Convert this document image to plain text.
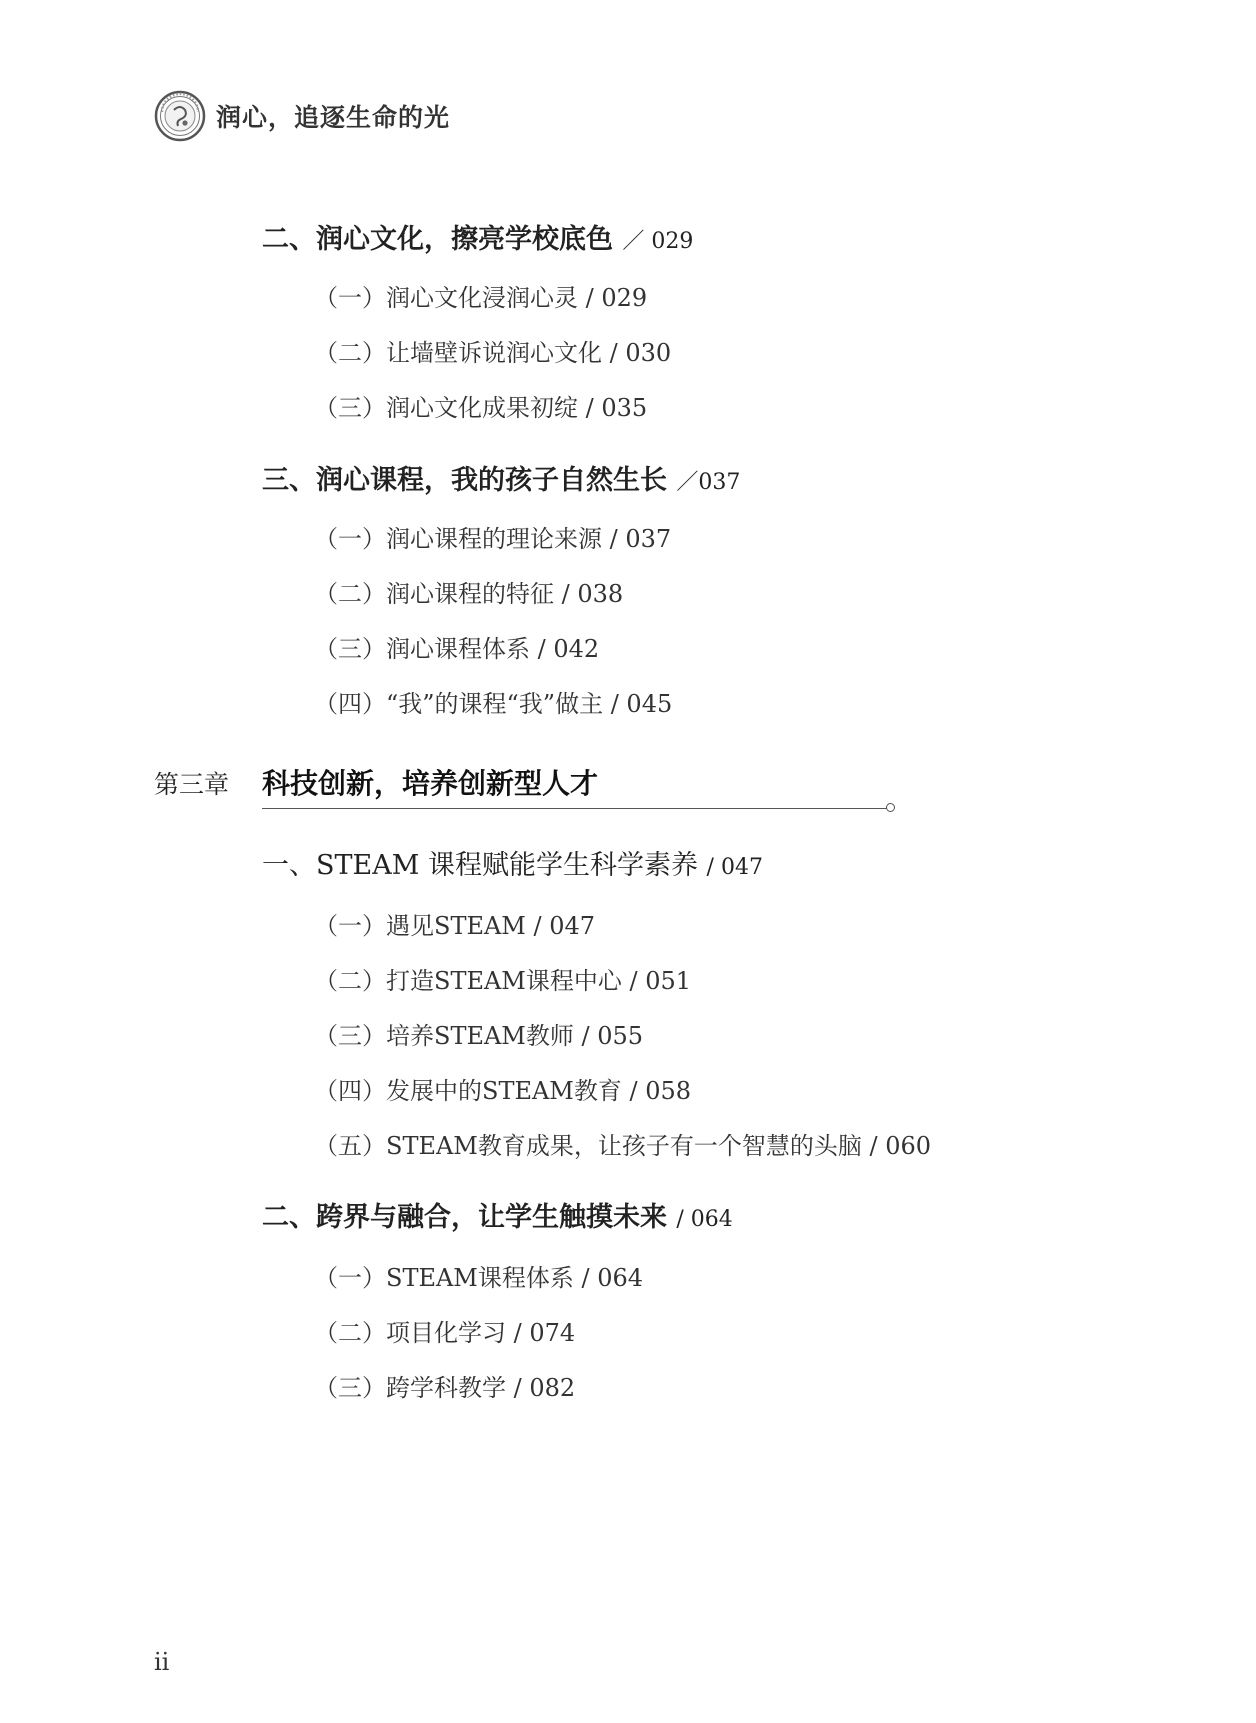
润心，追逐生命的光
二、润心文化，擦亮学校底色 ／ 029
（一）润心文化浸润心灵 / 029
（二）让墙壁诉说润心文化 / 030
（三）润心文化成果初绽 / 035
三、润心课程，我的孩子自然生长 ／037
（一）润心课程的理论来源 / 037
（二）润心课程的特征 / 038
（三）润心课程体系 / 042
（四）“我”的课程“我”做主 / 045
第三章 科技创新，培养创新型人才
一、STEAM 课程赋能学生科学素养 / 047
（一）遇见STEAM / 047
（二）打造STEAM课程中心 / 051
（三）培养STEAM教师 / 055
（四）发展中的STEAM教育 / 058
（五）STEAM教育成果，让孩子有一个智慧的头脑 / 060
二、跨界与融合，让学生触摸未来 / 064
（一）STEAM课程体系 / 064
（二）项目化学习 / 074
（三）跨学科教学 / 082
ii
